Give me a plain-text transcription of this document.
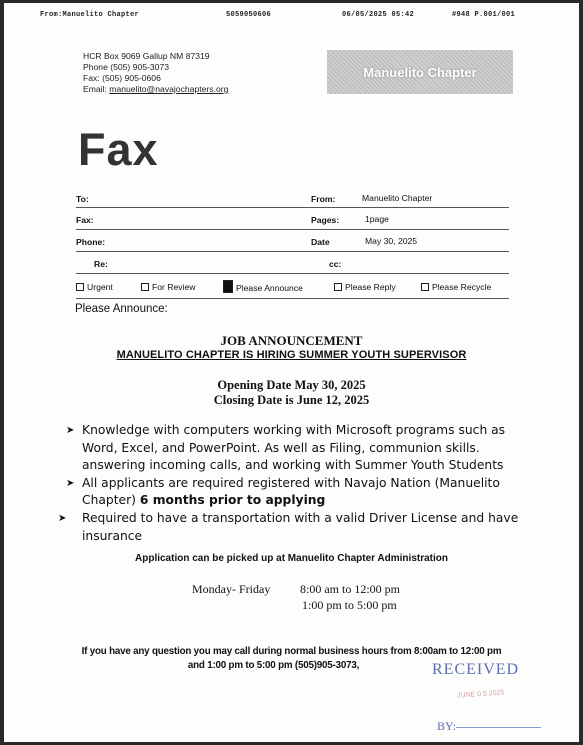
From:Manuelito Chapter	5059050606	06/05/2025 05:42	#948 P.001/001
HCR Box 9069 Gallup NM 87319
Phone (505) 905-3073
Fax: (505) 905-0606
Email: manuelito@navajochapters.org
Manuelito Chapter
Fax
To:	From:	Manuelito Chapter
Fax:	Pages:	1page
Phone:	Date	May 30, 2025
Re:	cc:
Urgent	For Review	Please Announce	Please Reply	Please Recycle
Please Announce:
JOB ANNOUNCEMENT
MANUELITO CHAPTER IS HIRING SUMMER YOUTH SUPERVISOR
Opening Date May 30, 2025
Closing Date is June 12, 2025
➤ Knowledge with computers working with Microsoft programs such as Word, Excel, and PowerPoint. As well as Filing, communion skills. answering incoming calls, and working with Summer Youth Students
➤ All applicants are required registered with Navajo Nation (Manuelito Chapter) 6 months prior to applying
➤ Required to have a transportation with a valid Driver License and have insurance
Application can be picked up at Manuelito Chapter Administration
Monday- Friday 8:00 am to 12:00 pm
1:00 pm to 5:00 pm
If you have any question you may call during normal business hours from 8:00am to 12:00 pm
and 1:00 pm to 5:00 pm (505)905-3073,	RECEIVED
JUNE 0 5 2025
BY:
